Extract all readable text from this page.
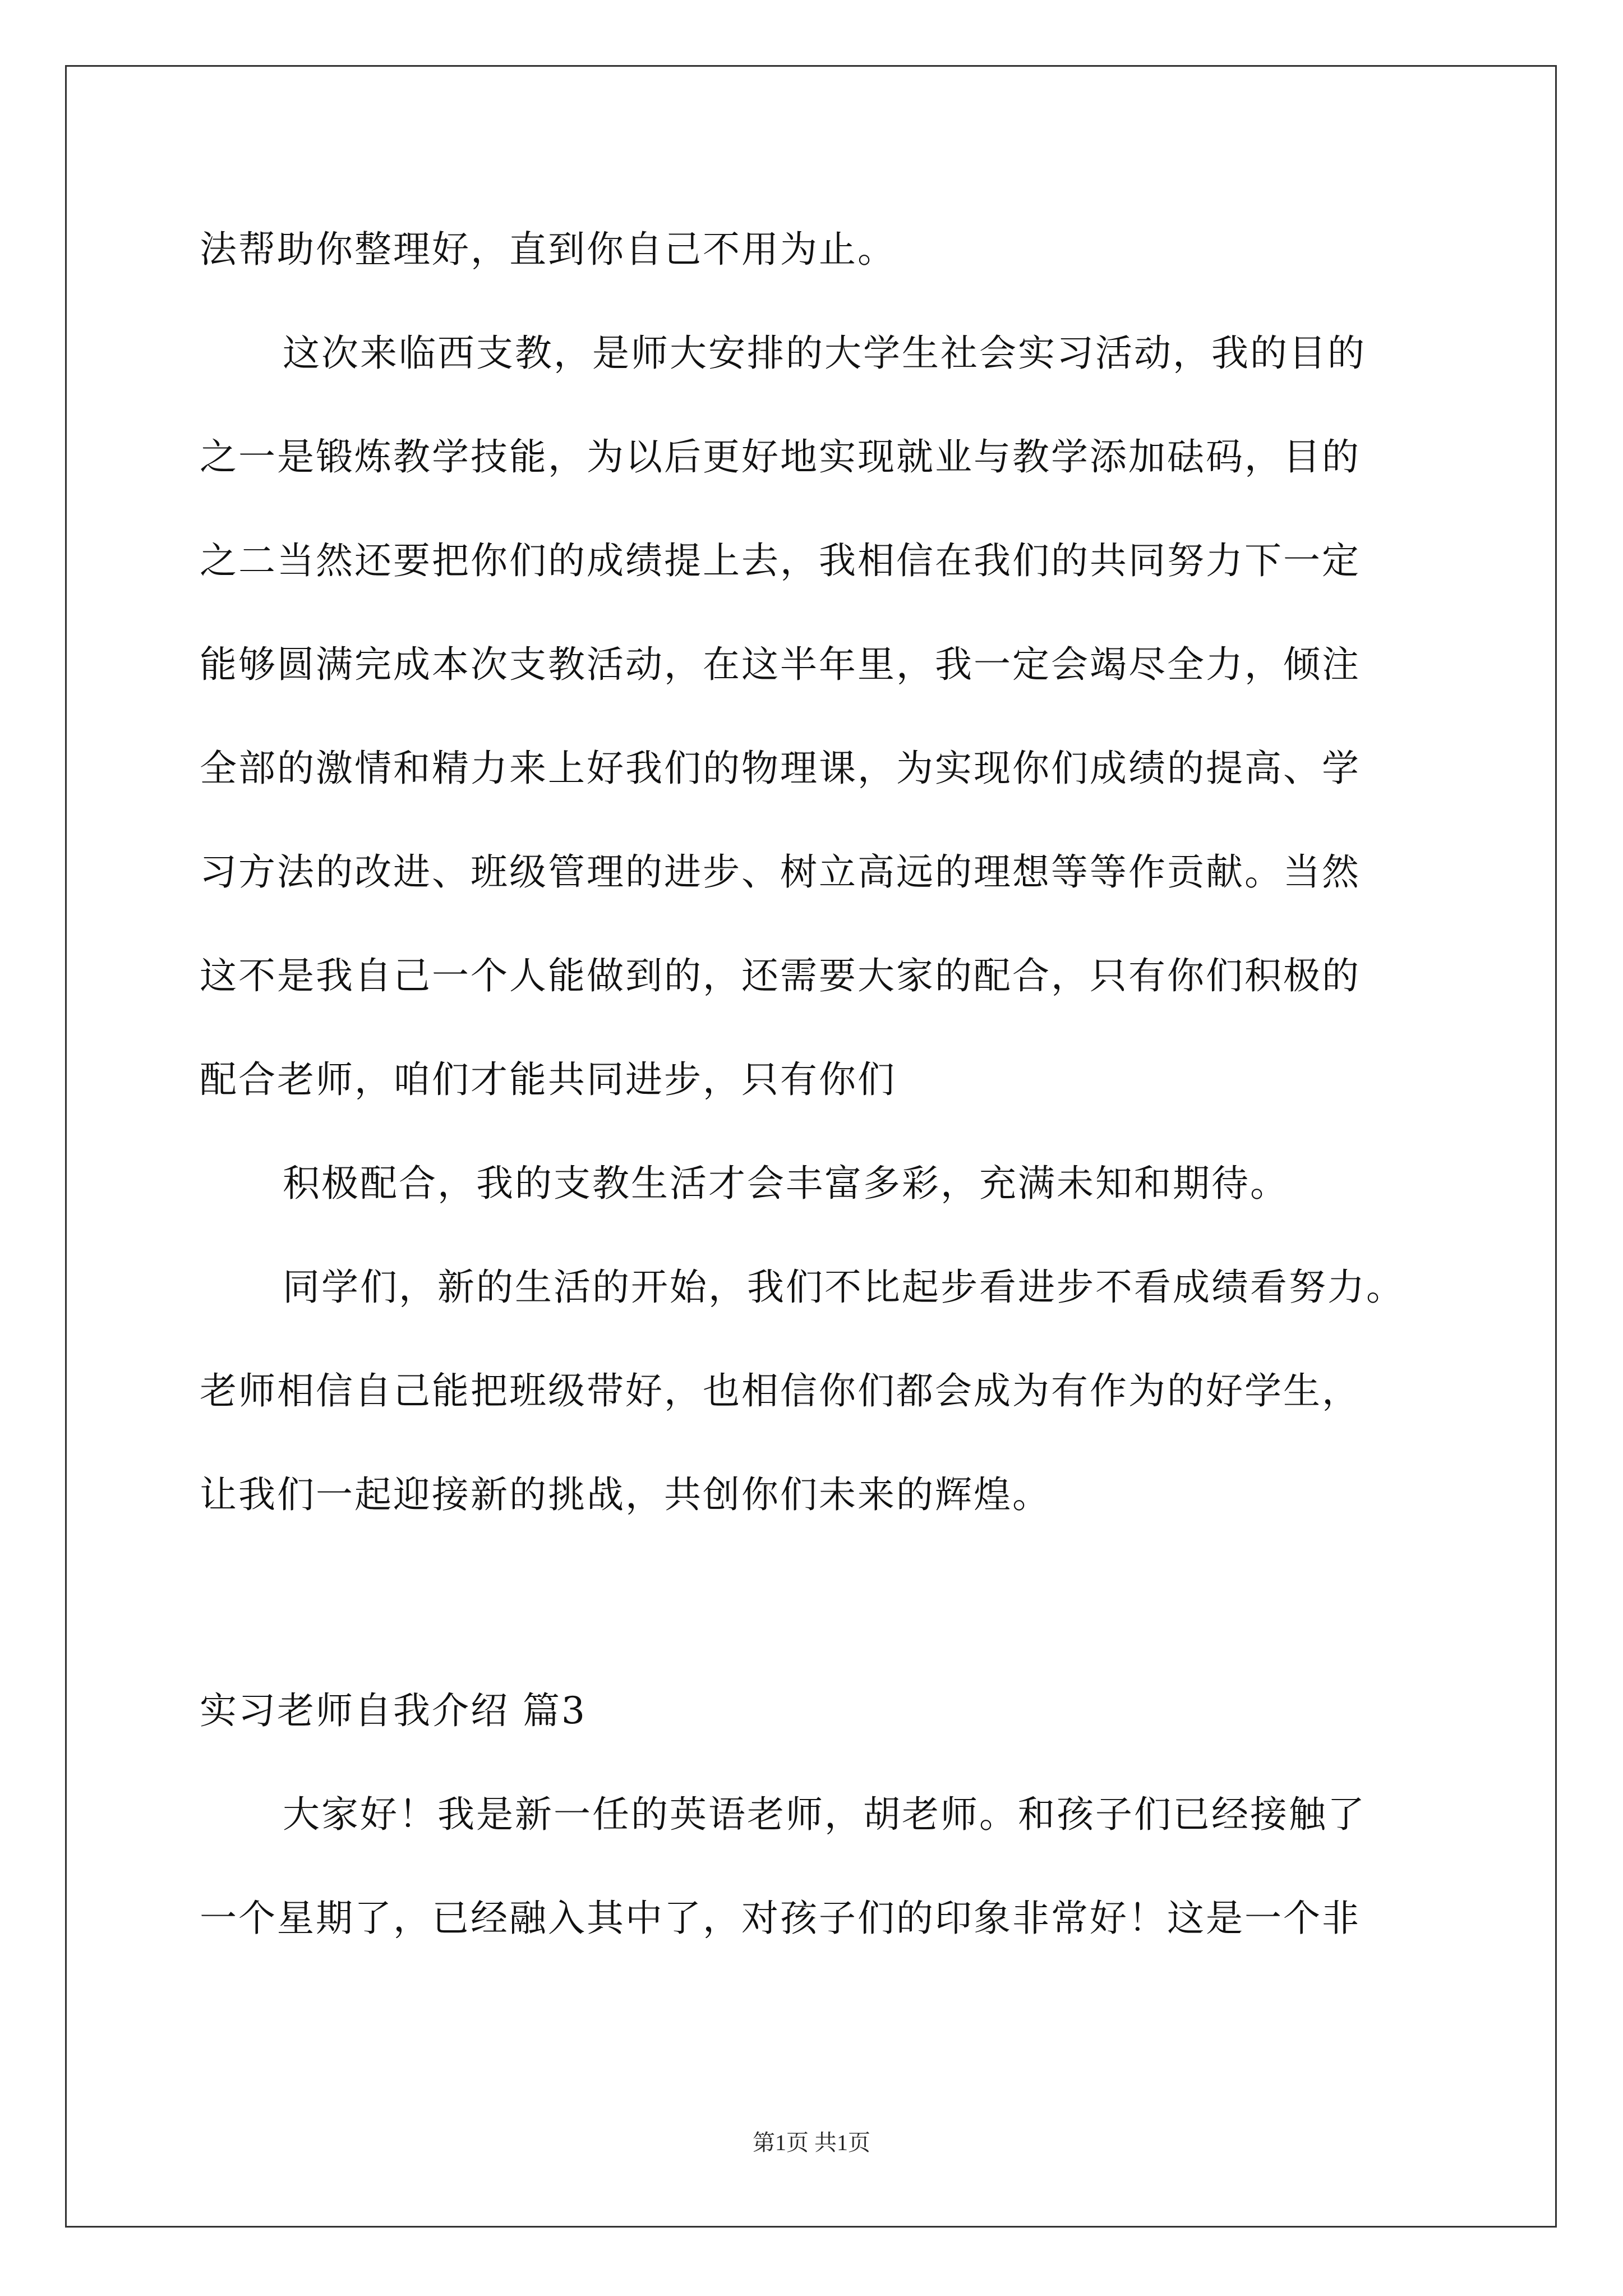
法帮助你整理好，直到你自己不用为止。
这次来临西支教，是师大安排的大学生社会实习活动，我的目的
之一是锻炼教学技能，为以后更好地实现就业与教学添加砝码，目的
之二当然还要把你们的成绩提上去，我相信在我们的共同努力下一定
能够圆满完成本次支教活动，在这半年里，我一定会竭尽全力，倾注
全部的激情和精力来上好我们的物理课，为实现你们成绩的提高、学
习方法的改进、班级管理的进步、树立高远的理想等等作贡献。当然
这不是我自己一个人能做到的，还需要大家的配合，只有你们积极的
配合老师，咱们才能共同进步，只有你们
积极配合，我的支教生活才会丰富多彩，充满未知和期待。
同学们，新的生活的开始，我们不比起步看进步不看成绩看努力。
老师相信自己能把班级带好，也相信你们都会成为有作为的好学生，
让我们一起迎接新的挑战，共创你们未来的辉煌。
实习老师自我介绍 篇3
大家好！我是新一任的英语老师，胡老师。和孩子们已经接触了
一个星期了，已经融入其中了，对孩子们的印象非常好！这是一个非
第1页 共1页
